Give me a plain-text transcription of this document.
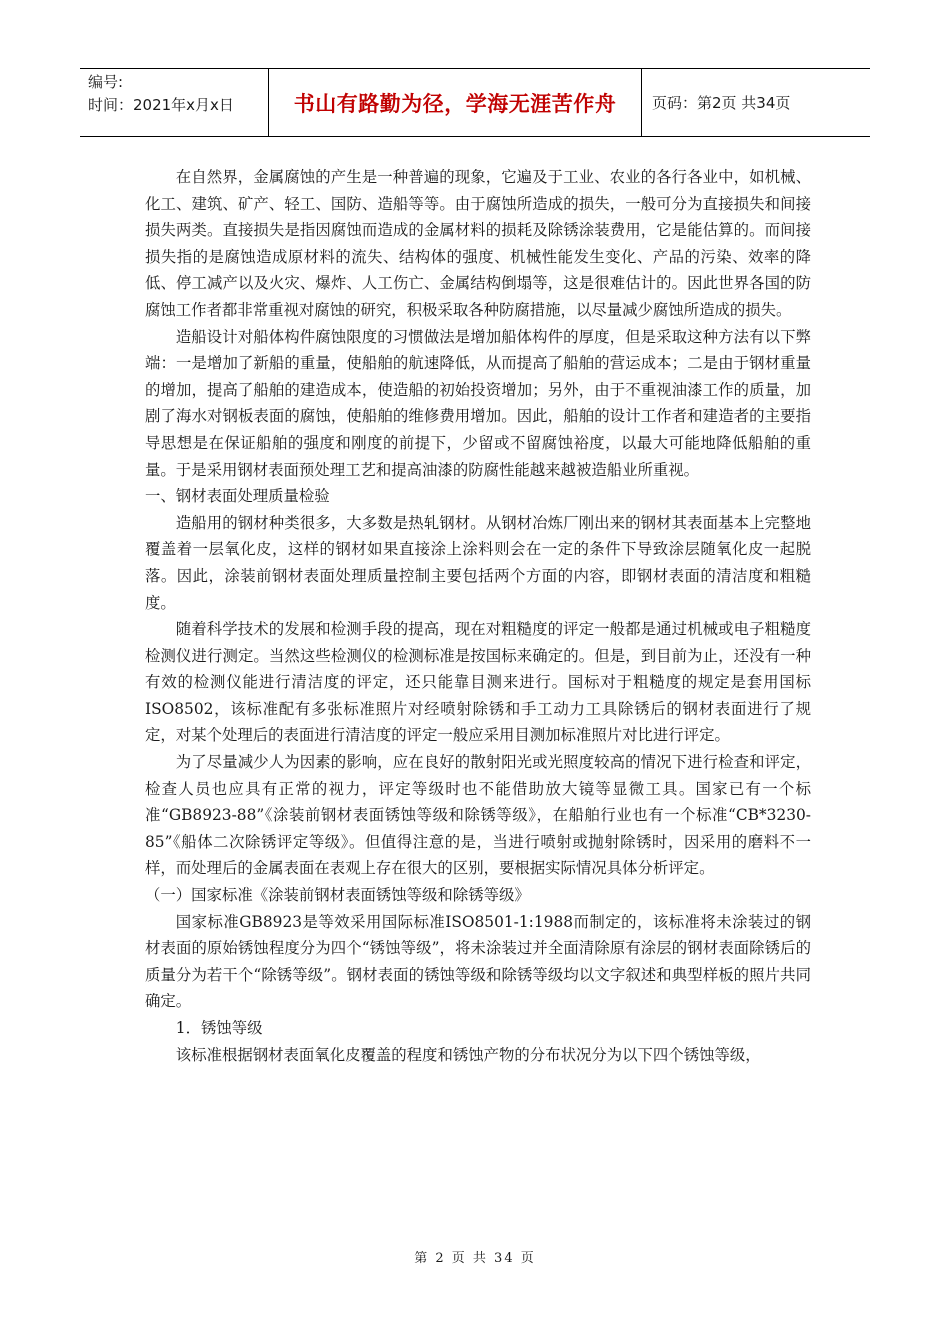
编号:
时间：2021年x月x日	书山有路勤为径，学海无涯苦作舟	页码：第2页 共34页

在自然界，金属腐蚀的产生是一种普遍的现象，它遍及于工业、农业的各行各业中，如机械、化工、建筑、矿产、轻工、国防、造船等等。由于腐蚀所造成的损失，一般可分为直接损失和间接损失两类。直接损失是指因腐蚀而造成的金属材料的损耗及除锈涂装费用，它是能估算的。而间接损失指的是腐蚀造成原材料的流失、结构体的强度、机械性能发生变化、产品的污染、效率的降低、停工减产以及火灾、爆炸、人工伤亡、金属结构倒塌等，这是很难估计的。因此世界各国的防腐蚀工作者都非常重视对腐蚀的研究，积极采取各种防腐措施，以尽量减少腐蚀所造成的损失。

造船设计对船体构件腐蚀限度的习惯做法是增加船体构件的厚度，但是采取这种方法有以下弊端：一是增加了新船的重量，使船舶的航速降低，从而提高了船舶的营运成本；二是由于钢材重量的增加，提高了船舶的建造成本，使造船的初始投资增加；另外，由于不重视油漆工作的质量，加剧了海水对钢板表面的腐蚀，使船舶的维修费用增加。因此，船舶的设计工作者和建造者的主要指导思想是在保证船舶的强度和刚度的前提下，少留或不留腐蚀裕度，以最大可能地降低船舶的重量。于是采用钢材表面预处理工艺和提高油漆的防腐性能越来越被造船业所重视。

一、钢材表面处理质量检验

造船用的钢材种类很多，大多数是热轧钢材。从钢材冶炼厂刚出来的钢材其表面基本上完整地覆盖着一层氧化皮，这样的钢材如果直接涂上涂料则会在一定的条件下导致涂层随氧化皮一起脱落。因此，涂装前钢材表面处理质量控制主要包括两个方面的内容，即钢材表面的清洁度和粗糙度。

随着科学技术的发展和检测手段的提高，现在对粗糙度的评定一般都是通过机械或电子粗糙度检测仪进行测定。当然这些检测仪的检测标准是按国标来确定的。但是，到目前为止，还没有一种有效的检测仪能进行清洁度的评定，还只能靠目测来进行。国标对于粗糙度的规定是套用国标ISO8502，该标准配有多张标准照片对经喷射除锈和手工动力工具除锈后的钢材表面进行了规定，对某个处理后的表面进行清洁度的评定一般应采用目测加标准照片对比进行评定。

为了尽量减少人为因素的影响，应在良好的散射阳光或光照度较高的情况下进行检查和评定，检查人员也应具有正常的视力，评定等级时也不能借助放大镜等显微工具。国家已有一个标准“GB8923-88”《涂装前钢材表面锈蚀等级和除锈等级》，在船舶行业也有一个标准“CB*3230-85”《船体二次除锈评定等级》。但值得注意的是，当进行喷射或抛射除锈时，因采用的磨料不一样，而处理后的金属表面在表观上存在很大的区别，要根据实际情况具体分析评定。

（一）国家标准《涂装前钢材表面锈蚀等级和除锈等级》

国家标准GB8923是等效采用国际标准ISO8501-1:1988而制定的，该标准将未涂装过的钢材表面的原始锈蚀程度分为四个“锈蚀等级”，将未涂装过并全面清除原有涂层的钢材表面除锈后的质量分为若干个“除锈等级”。钢材表面的锈蚀等级和除锈等级均以文字叙述和典型样板的照片共同确定。

1．锈蚀等级

该标准根据钢材表面氧化皮覆盖的程度和锈蚀产物的分布状况分为以下四个锈蚀等级，

第 2 页 共 34 页
